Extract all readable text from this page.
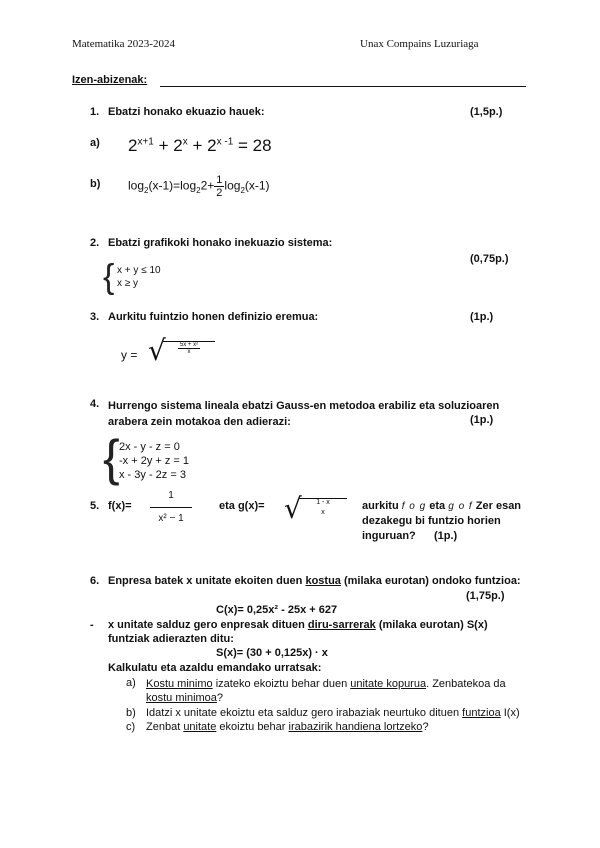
Matematika 2023-2024	Unax Compains Luzuriaga
Izen-abizenak:
1. Ebatzi honako ekuazio hauek:	(1,5p.)
a) $2^{x+1} + 2^x + 2^{x -1} = 28$
b) $\log_2(x-1)=\log_22+ \frac{1}{2} \log_2(x-1)$
2. Ebatzi grafikoki honako inekuazio sistema:
(0,75p.)
{ x + y ≤ 10
x ≥ y
3. Aurkitu fuintzio honen definizio eremua:	(1p.)
y = √ $\frac{\text{5x + x²}}{x}$
4. Hurrengo sistema lineala ebatzi Gauss-en metodoa erabiliz eta soluzioaren
arabera zein motakoa den adierazi:	(1p.)
{ 2x - y - z = 0
-x + 2y + z = 1
x - 3y - 2z = 3
5. $f(x)= \frac{1}{\text{x² − 1}}$	eta g(x)= √ 1 - x
x
aurkitu f o g eta g o f Zer esan
dezakegu bi funtzio horien
inguruan? (1p.)
6. Enpresa batek x unitate ekoiten duen kostua (milaka eurotan) ondoko funtzioa:
(1,75p.)
C(x)= 0,25x² - 25x + 627
- x unitate salduz gero enpresak dituen diru-sarrerak (milaka eurotan) S(x)
funtziak adierazten ditu:
S(x)= (30 + 0,125x) · x
Kalkulatu eta azaldu emandako urratsak:
a) Kostu minimo izateko ekoiztu behar duen unitate kopurua. Zenbatekoa da
kostu minimoa?
b) Idatzi x unitate ekoiztu eta salduz gero irabaziak neurtuko dituen funtzioa I(x)
c) Zenbat unitate ekoiztu behar irabazirik handiena lortzeko?
